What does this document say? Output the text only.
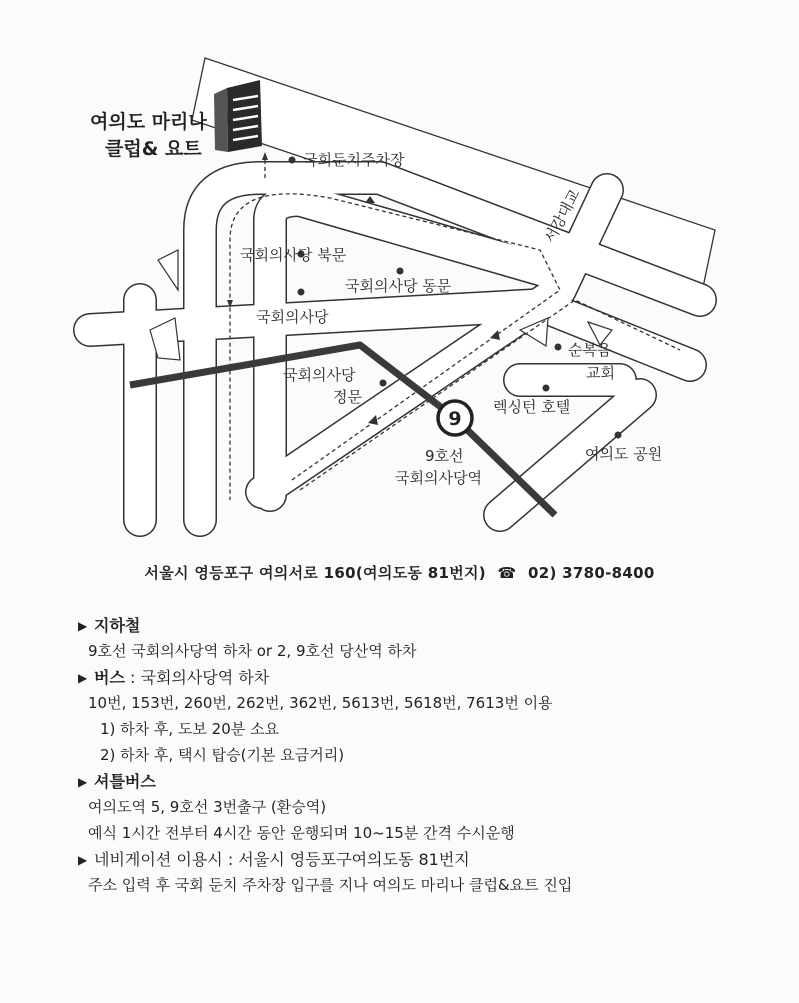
9
여의도 마리나
클럽& 요트	국회둔치주차장
국회의사당 북문
국회의사당 동문
국회의사당
국회의사당
정문
순복음
교회
렉싱턴 호텔
여의도 공원
9호선
국회의사당역
서강대교
서울시 영등포구 여의서로 160(여의도동 81번지) ☎ 02) 3780-8400
▶ 지하철
9호선 국회의사당역 하차 or 2, 9호선 당산역 하차
▶ 버스 : 국회의사당역 하차
10번, 153번, 260번, 262번, 362번, 5613번, 5618번, 7613번 이용
1) 하차 후, 도보 20분 소요
2) 하차 후, 택시 탑승(기본 요금거리)
▶ 셔틀버스
여의도역 5, 9호선 3번출구 (환승역)
예식 1시간 전부터 4시간 동안 운행되며 10~15분 간격 수시운행
▶ 네비게이션 이용시 : 서울시 영등포구여의도동 81번지
주소 입력 후 국회 둔치 주차장 입구를 지나 여의도 마리나 클럽&요트 진입
